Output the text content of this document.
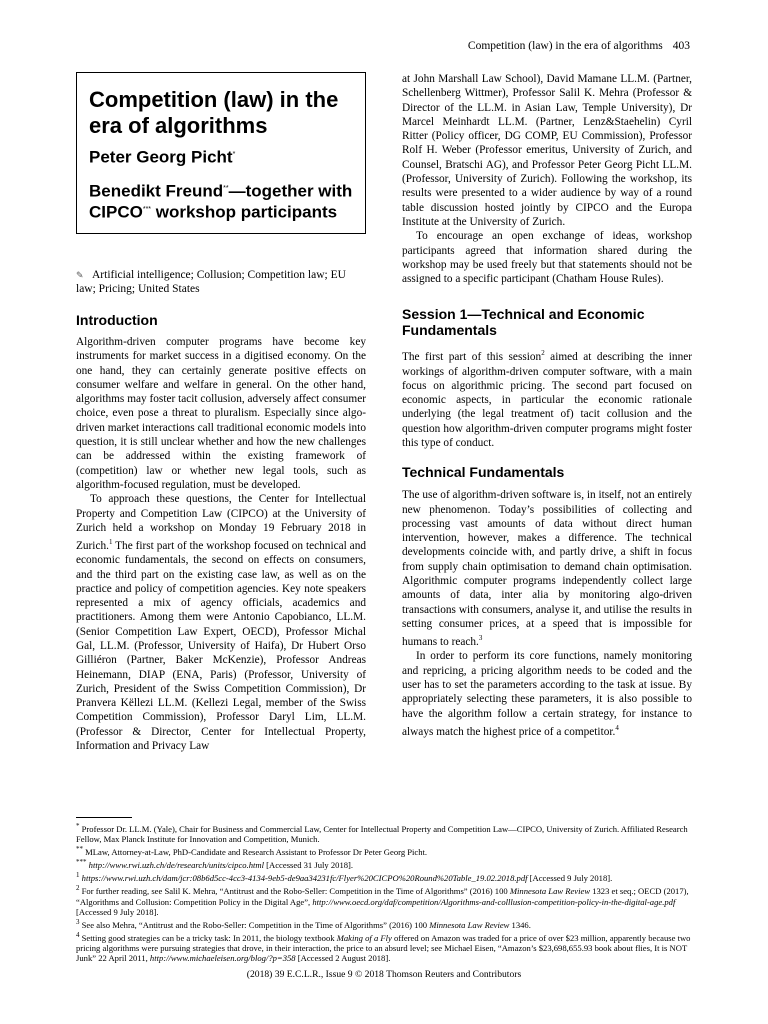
Competition (law) in the era of algorithms 403
Competition (law) in the era of algorithms
Peter Georg Picht*
Benedikt Freund**—together with CIPCO*** workshop participants
✎ Artificial intelligence; Collusion; Competition law; EU law; Pricing; United States
Introduction

Algorithm-driven computer programs have become key instruments for market success in a digitised economy. On the one hand, they can certainly generate positive effects on consumer welfare and welfare in general. On the other hand, algorithms may foster tacit collusion, adversely affect consumer choice, even pose a threat to pluralism. Especially since algo-driven market interactions call traditional economic models into question, it is still unclear whether and how the new challenges can be addressed within the existing framework of (competition) law or whether new legal tools, such as algorithm-focused regulation, must be developed.

To approach these questions, the Center for Intellectual Property and Competition Law (CIPCO) at the University of Zurich held a workshop on Monday 19 February 2018 in Zurich.$^1$ The first part of the workshop focused on technical and economic fundamentals, the second on effects on consumers, and the third part on the existing case law, as well as on the practice and policy of competition agencies. Key note speakers represented a mix of agency officials, academics and practitioners. Among them were Antonio Capobianco, LL.M. (Senior Competition Law Expert, OECD), Professor Michal Gal, LL.M. (Professor, University of Haifa), Dr Hubert Orso Gilliéron (Partner, Baker McKenzie), Professor Andreas Heinemann, DIAP (ENA, Paris) (Professor, University of Zurich, President of the Swiss Competition Commission), Dr Pranvera Këllezi LL.M. (Kellezi Legal, member of the Swiss Competition Commission), Professor Daryl Lim, LL.M. (Professor & Director, Center for Intellectual Property, Information and Privacy Law

at John Marshall Law School), David Mamane LL.M. (Partner, Schellenberg Wittmer), Professor Salil K. Mehra (Professor & Director of the LL.M. in Asian Law, Temple University), Dr Marcel Meinhardt LL.M. (Partner, Lenz&Staehelin) Cyril Ritter (Policy officer, DG COMP, EU Commission), Professor Rolf H. Weber (Professor emeritus, University of Zurich, and Counsel, Bratschi AG), and Professor Peter Georg Picht LL.M. (Professor, University of Zurich). Following the workshop, its results were presented to a wider audience by way of a round table discussion hosted jointly by CIPCO and the Europa Institute at the University of Zurich.

To encourage an open exchange of ideas, workshop participants agreed that information shared during the workshop may be used freely but that statements should not be assigned to a specific participant (Chatham House Rules).

Session 1—Technical and Economic Fundamentals

The first part of this session$^2$ aimed at describing the inner workings of algorithm-driven computer software, with a main focus on algorithmic pricing. The second part focused on economic aspects, in particular the economic rationale underlying (the legal treatment of) tacit collusion and the question how algorithm-driven computer programs might foster this type of conduct.

Technical Fundamentals

The use of algorithm-driven software is, in itself, not an entirely new phenomenon. Today’s possibilities of collecting and processing vast amounts of data without direct human intervention, however, makes a difference. The technical developments coincide with, and partly drive, a shift in focus from supply chain optimisation to demand chain optimisation. Algorithmic computer programs independently collect large amounts of data, inter alia by monitoring algo-driven transactions with consumers, analyse it, and utilise the results in setting consumer prices, at a speed that is impossible for humans to reach.$^3$

In order to perform its core functions, namely monitoring and repricing, a pricing algorithm needs to be coded and the user has to set the parameters according to the task at issue. By appropriately selecting these parameters, it is also possible to have the algorithm follow a certain strategy, for instance to always match the highest price of a competitor.$^4$

* Professor Dr. LL.M. (Yale), Chair for Business and Commercial Law, Center for Intellectual Property and Competition Law—CIPCO, University of Zurich. Affiliated Research Fellow, Max Planck Institute for Innovation and Competition, Munich.

** MLaw, Attorney-at-Law, PhD-Candidate and Research Assistant to Professor Dr Peter Georg Picht.

*** http://www.rwi.uzh.ch/de/research/units/cipco.html [Accessed 31 July 2018].

$^1$ https://www.rwi.uzh.ch/dam/jcr:08b6d5cc-4cc3-4134-9eb5-de9aa34231fc/Flyer%20CICPO%20Round%20Table_19.02.2018.pdf [Accessed 9 July 2018].

$^2$ For further reading, see Salil K. Mehra, “Antitrust and the Robo-Seller: Competition in the Time of Algorithms” (2016) 100 Minnesota Law Review 1323 et seq.; OECD (2017), “Algorithms and Collusion: Competition Policy in the Digital Age”, http://www.oecd.org/daf/competition/Algorithms-and-colllusion-competition-policy-in-the-digital-age.pdf [Accessed 9 July 2018].

$^3$ See also Mehra, “Antitrust and the Robo-Seller: Competition in the Time of Algorithms” (2016) 100 Minnesota Law Review 1346.

$^4$ Setting good strategies can be a tricky task: In 2011, the biology textbook Making of a Fly offered on Amazon was traded for a price of over $23 million, apparently because two pricing algorithms were pursuing strategies that drove, in their interaction, the price to an absurd level; see Michael Eisen, “Amazon’s $23,698,655.93 book about flies, It is NOT Junk” 22 April 2011, http://www.michaeleisen.org/blog/?p=358 [Accessed 2 August 2018].

(2018) 39 E.C.L.R., Issue 9 © 2018 Thomson Reuters and Contributors
